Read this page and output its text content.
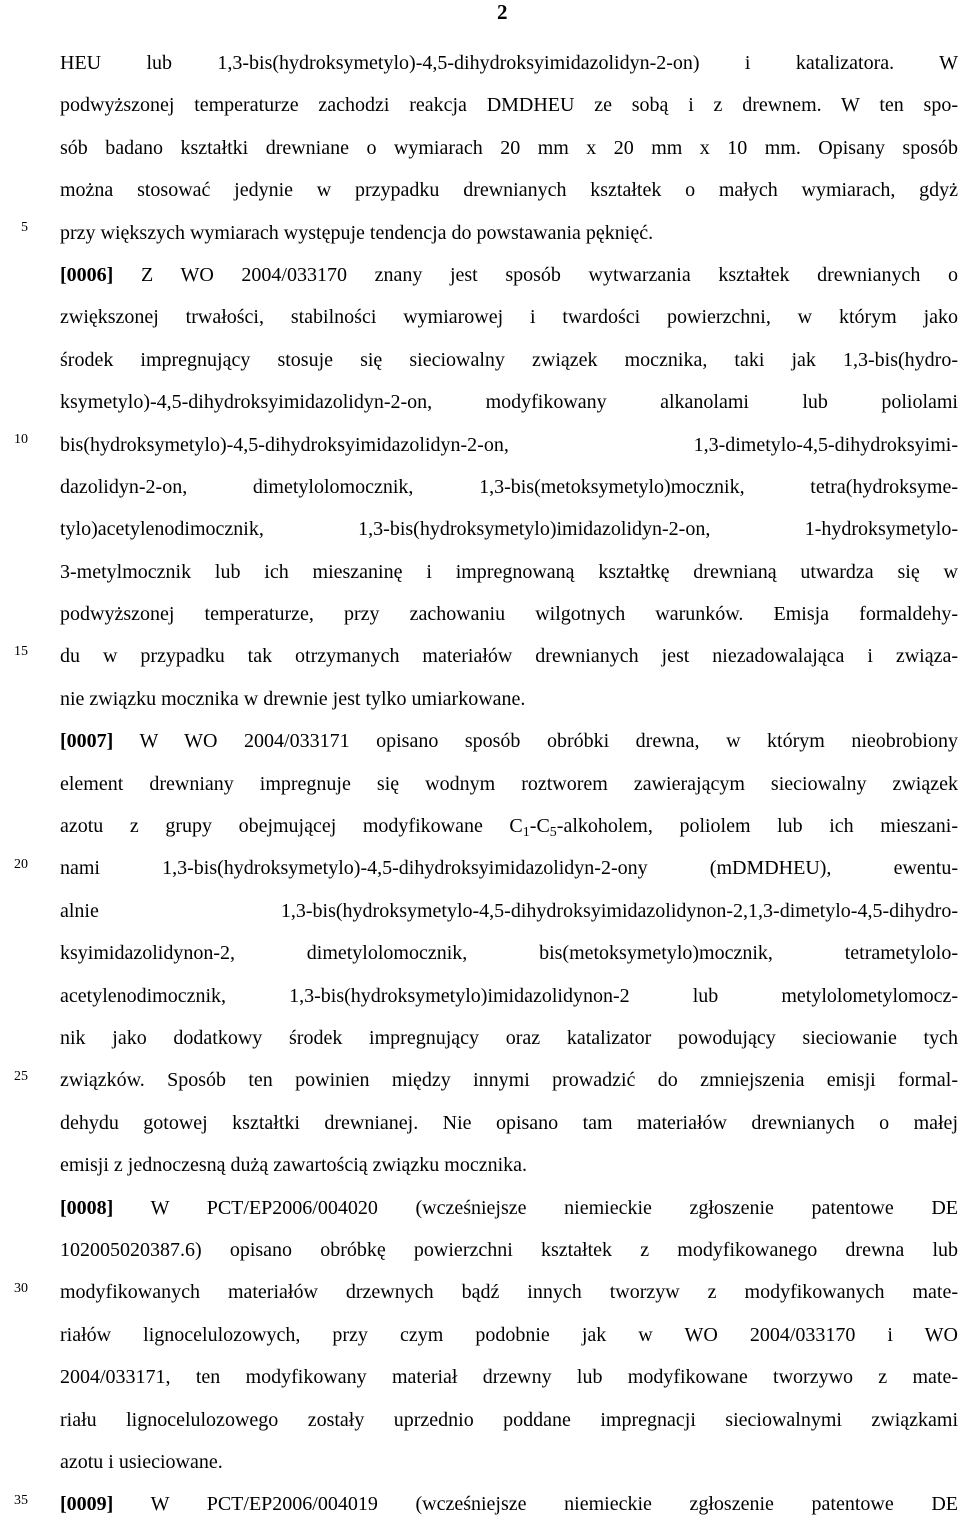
2
5
10
15
20
25
30
35
HEU lub 1,3-bis(hydroksymetylo)-4,5-dihydroksyimidazolidyn-2-on) i katalizatora. W
podwyższonej temperaturze zachodzi reakcja DMDHEU ze sobą i z drewnem. W ten spo-
sób badano kształtki drewniane o wymiarach 20 mm x 20 mm x 10 mm. Opisany sposób
można stosować jedynie w przypadku drewnianych kształtek o małych wymiarach, gdyż
przy większych wymiarach występuje tendencja do powstawania pęknięć.
[0006] Z WO 2004/033170 znany jest sposób wytwarzania kształtek drewnianych o
zwiększonej trwałości, stabilności wymiarowej i twardości powierzchni, w którym jako
środek impregnujący stosuje się sieciowalny związek mocznika, taki jak 1,3-bis(hydro-
ksymetylo)-4,5-dihydroksyimidazolidyn-2-on, modyfikowany alkanolami lub poliolami
bis(hydroksymetylo)-4,5-dihydroksyimidazolidyn-2-on, 1,3-dimetylo-4,5-dihydroksyimi-
dazolidyn-2-on, dimetylolomocznik, 1,3-bis(metoksymetylo)mocznik, tetra(hydroksyme-
tylo)acetylenodimocznik, 1,3-bis(hydroksymetylo)imidazolidyn-2-on, 1-hydroksymetylo-
3-metylmocznik lub ich mieszaninę i impregnowaną kształtkę drewnianą utwardza się w
podwyższonej temperaturze, przy zachowaniu wilgotnych warunków. Emisja formaldehy-
du w przypadku tak otrzymanych materiałów drewnianych jest niezadowalająca i związa-
nie związku mocznika w drewnie jest tylko umiarkowane.
[0007] W WO 2004/033171 opisano sposób obróbki drewna, w którym nieobrobiony
element drewniany impregnuje się wodnym roztworem zawierającym sieciowalny związek
azotu z grupy obejmującej modyfikowane $C_1-C_5$-alkoholem, poliolem lub ich mieszani-
nami 1,3-bis(hydroksymetylo)-4,5-dihydroksyimidazolidyn-2-ony (mDMDHEU), ewentu-
alnie 1,3-bis(hydroksymetylo-4,5-dihydroksyimidazolidynon-2,1,3-dimetylo-4,5-dihydro-
ksyimidazolidynon-2, dimetylolomocznik, bis(metoksymetylo)mocznik, tetrametylolo-
acetylenodimocznik, 1,3-bis(hydroksymetylo)imidazolidynon-2 lub metylolometylomocz-
nik jako dodatkowy środek impregnujący oraz katalizator powodujący sieciowanie tych
związków. Sposób ten powinien między innymi prowadzić do zmniejszenia emisji formal-
dehydu gotowej kształtki drewnianej. Nie opisano tam materiałów drewnianych o małej
emisji z jednoczesną dużą zawartością związku mocznika.
[0008] W PCT/EP2006/004020 (wcześniejsze niemieckie zgłoszenie patentowe DE
102005020387.6) opisano obróbkę powierzchni kształtek z modyfikowanego drewna lub
modyfikowanych materiałów drzewnych bądź innych tworzyw z modyfikowanych mate-
riałów lignocelulozowych, przy czym podobnie jak w WO 2004/033170 i WO
2004/033171, ten modyfikowany materiał drzewny lub modyfikowane tworzywo z mate-
riału lignocelulozowego zostały uprzednio poddane impregnacji sieciowalnymi związkami
azotu i usieciowane.
[0009] W PCT/EP2006/004019 (wcześniejsze niemieckie zgłoszenie patentowe DE
